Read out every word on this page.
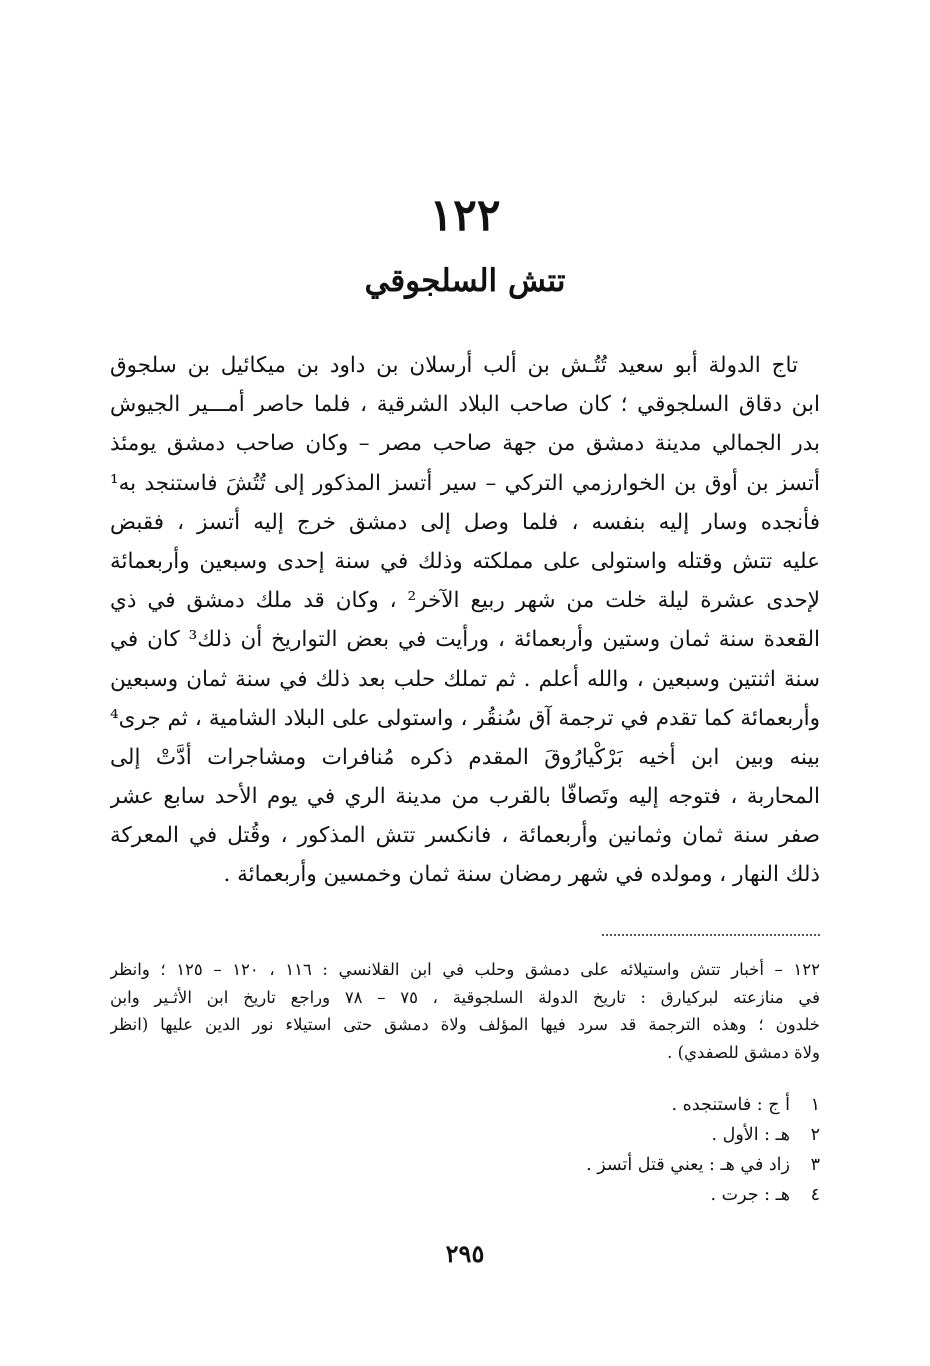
١٢٢
تتش السلجوقي
تاج الدولة أبو سعيد تُتُـش بن ألب أرسلان بن داود بن ميكائيل بن سلجوق
ابن دقاق السلجوقي ؛ كان صاحب البلاد الشرقية ، فلما حاصر أمـــير الجيوش
بدر الجمالي مدينة دمشق من جهة صاحب مصر – وكان صاحب دمشق يومئذ
أتسز بن أوق بن الخوارزمي التركي – سير أتسز المذكور إلى تُتُشَ فاستنجد به¹
فأنجده وسار إليه بنفسه ، فلما وصل إلى دمشق خرج إليه أتسز ، فقبض
عليه تتش وقتله واستولى على مملكته وذلك في سنة إحدى وسبعين وأربعمائة
لإحدى عشرة ليلة خلت من شهر ربيع الآخر² ، وكان قد ملك دمشق في ذي
القعدة سنة ثمان وستين وأربعمائة ، ورأيت في بعض التواريخ أن ذلك³ كان في
سنة اثنتين وسبعين ، والله أعلم . ثم تملك حلب بعد ذلك في سنة ثمان وسبعين
وأربعمائة كما تقدم في ترجمة آق سُنقُر ، واستولى على البلاد الشامية ، ثم جرى⁴
بينه وبين ابن أخيه بَرْكْيارُوقَ المقدم ذكره مُنافرات ومشاجرات أدَّتْ إلى
المحاربة ، فتوجه إليه وتَصافّا بالقرب من مدينة الري في يوم الأحد سابع عشر
صفر سنة ثمان وثمانين وأربعمائة ، فانكسر تتش المذكور ، وقُتل في المعركة
ذلك النهار ، ومولده في شهر رمضان سنة ثمان وخمسين وأربعمائة .
١٢٢ – أخبار تتش واستيلائه على دمشق وحلب في ابن القلانسي : ١١٦ ، ١٢٠ – ١٢٥ ؛ وانظر
في منازعته لبركيارق : تاريخ الدولة السلجوقية ، ٧٥ – ٧٨ وراجع تاريخ ابن الأثـير وابن
خلدون ؛ وهذه الترجمة قد سرد فيها المؤلف ولاة دمشق حتى استيلاء نور الدين عليها (انظر
ولاة دمشق للصفدي) .
١أ ج : فاستنجده .
٢هـ : الأول .
٣زاد في هـ : يعني قتل أتسز .
٤هـ : جرت .
٢٩٥
